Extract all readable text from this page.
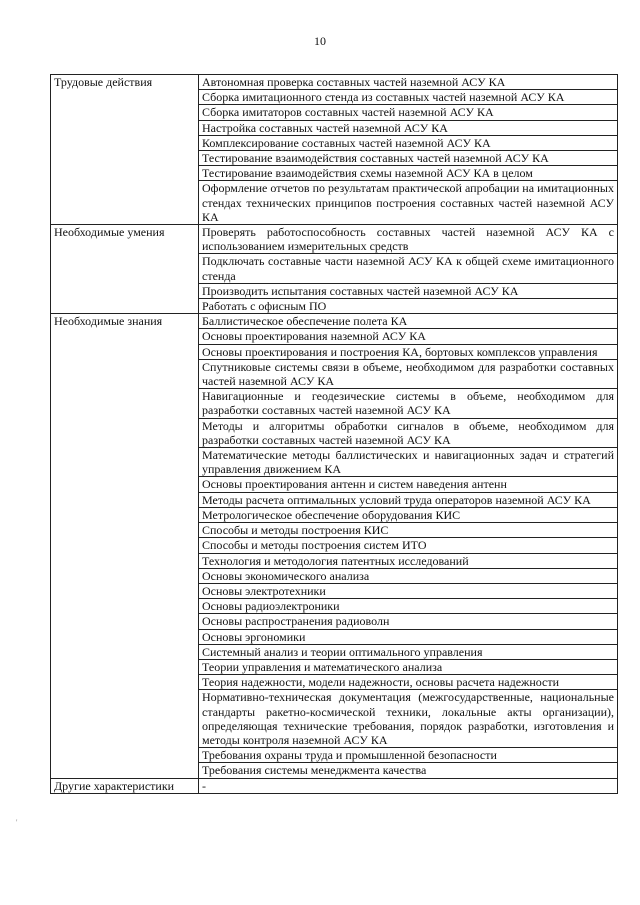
10
Трудовые действия	Автономная проверка составных частей наземной АСУ КА
	Сборка имитационного стенда из составных частей наземной АСУ КА
	Сборка имитаторов составных частей наземной АСУ КА
	Настройка составных частей наземной АСУ КА
	Комплексирование составных частей наземной АСУ КА
	Тестирование взаимодействия составных частей наземной АСУ КА
	Тестирование взаимодействия схемы наземной АСУ КА в целом
	Оформление отчетов по результатам практической апробации на имитационных стендах технических принципов построения составных частей наземной АСУ КА
Необходимые умения	Проверять работоспособность составных частей наземной АСУ КА с использованием измерительных средств
	Подключать составные части наземной АСУ КА к общей схеме имитационного стенда
	Производить испытания составных частей наземной АСУ КА
	Работать с офисным ПО
Необходимые знания	Баллистическое обеспечение полета КА
	Основы проектирования наземной АСУ КА
	Основы проектирования и построения КА, бортовых комплексов управления
	Спутниковые системы связи в объеме, необходимом для разработки составных частей наземной АСУ КА
	Навигационные и геодезические системы в объеме, необходимом для разработки составных частей наземной АСУ КА
	Методы и алгоритмы обработки сигналов в объеме, необходимом для разработки составных частей наземной АСУ КА
	Математические методы баллистических и навигационных задач и стратегий управления движением КА
	Основы проектирования антенн и систем наведения антенн
	Методы расчета оптимальных условий труда операторов наземной АСУ КА
	Метрологическое обеспечение оборудования КИС
	Способы и методы построения КИС
	Способы и методы построения систем ИТО
	Технология и методология патентных исследований
	Основы экономического анализа
	Основы электротехники
	Основы радиоэлектроники
	Основы распространения радиоволн
	Основы эргономики
	Системный анализ и теории оптимального управления
	Теории управления и математического анализа
	Теория надежности, модели надежности, основы расчета надежности
	Нормативно-техническая документация (межгосударственные, национальные стандарты ракетно-космической техники, локальные акты организации), определяющая технические требования, порядок разработки, изготовления и методы контроля наземной АСУ КА
	Требования охраны труда и промышленной безопасности
	Требования системы менеджмента качества
Другие характеристики	-
'
